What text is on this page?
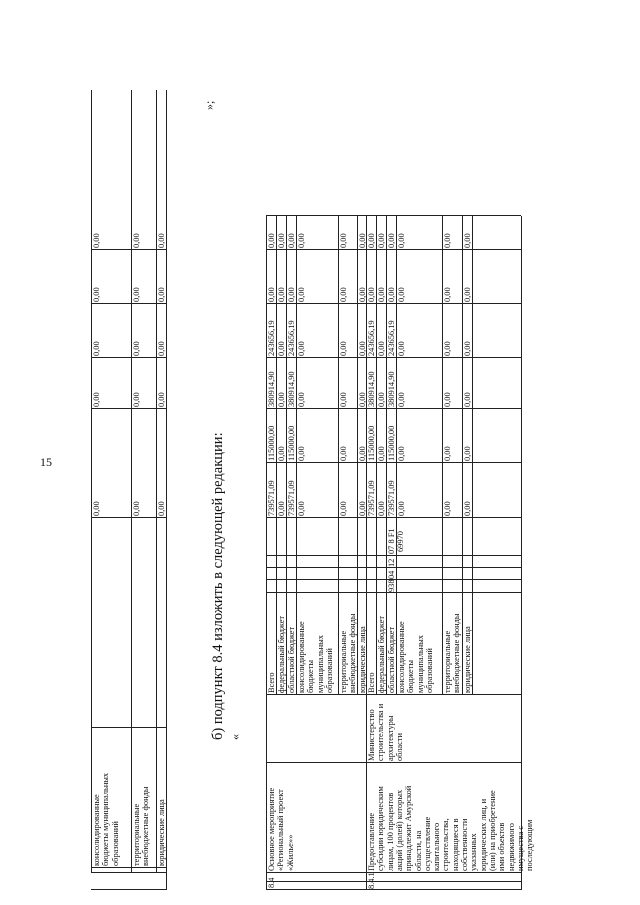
15
консолидированные бюджеты муниципальных образований
0,00
0,00
0,00
0,00
0,00
территориальные внебюджетные фонды
0,00
0,00
0,00
0,00
0,00
юридические лица
0,00
0,00
0,00
0,00
0,00
б) подпункт 8.4 изложить в следующей редакции: «
»;
8.4
Основное мероприятие «Региональный проект «Жилье»»
Всего
739571,09
115000,00
380914,90
243656,19
0,00
0,00
федеральный бюджет
0,00
0,00
0,00
0,00
0,00
0,00
областной бюджет
739571,09
115000,00
380914,90
243656,19
0,00
0,00
консолидированные бюджеты муниципальных образований
0,00
0,00
0,00
0,00
0,00
0,00
территориальные внебюджетные фонды
0,00
0,00
0,00
0,00
0,00
0,00
юридические лица
0,00
0,00
0,00
0,00
0,00
0,00
8.4.1
Предоставление субсидии юридическим лицам, 100 процентов акций (долей) которых принадлежит Амурской области, на осуществление капитального строительства, находящиеся в собственности указанных юридических лиц, и (или) на приобретение ими объектов недвижимого имущества с последующим
Министерство строительства и архитектуры области
938
04
12
07 8 F1 69970
Всего
739571,09
115000,00
380914,90
243656,19
0,00
0,00
федеральный бюджет
0,00
0,00
0,00
0,00
0,00
0,00
областной бюджет
739571,09
115000,00
380914,90
243656,19
0,00
0,00
консолидированные бюджеты муниципальных образований
0,00
0,00
0,00
0,00
0,00
0,00
территориальные внебюджетные фонды
0,00
0,00
0,00
0,00
0,00
0,00
юридические лица
0,00
0,00
0,00
0,00
0,00
0,00
